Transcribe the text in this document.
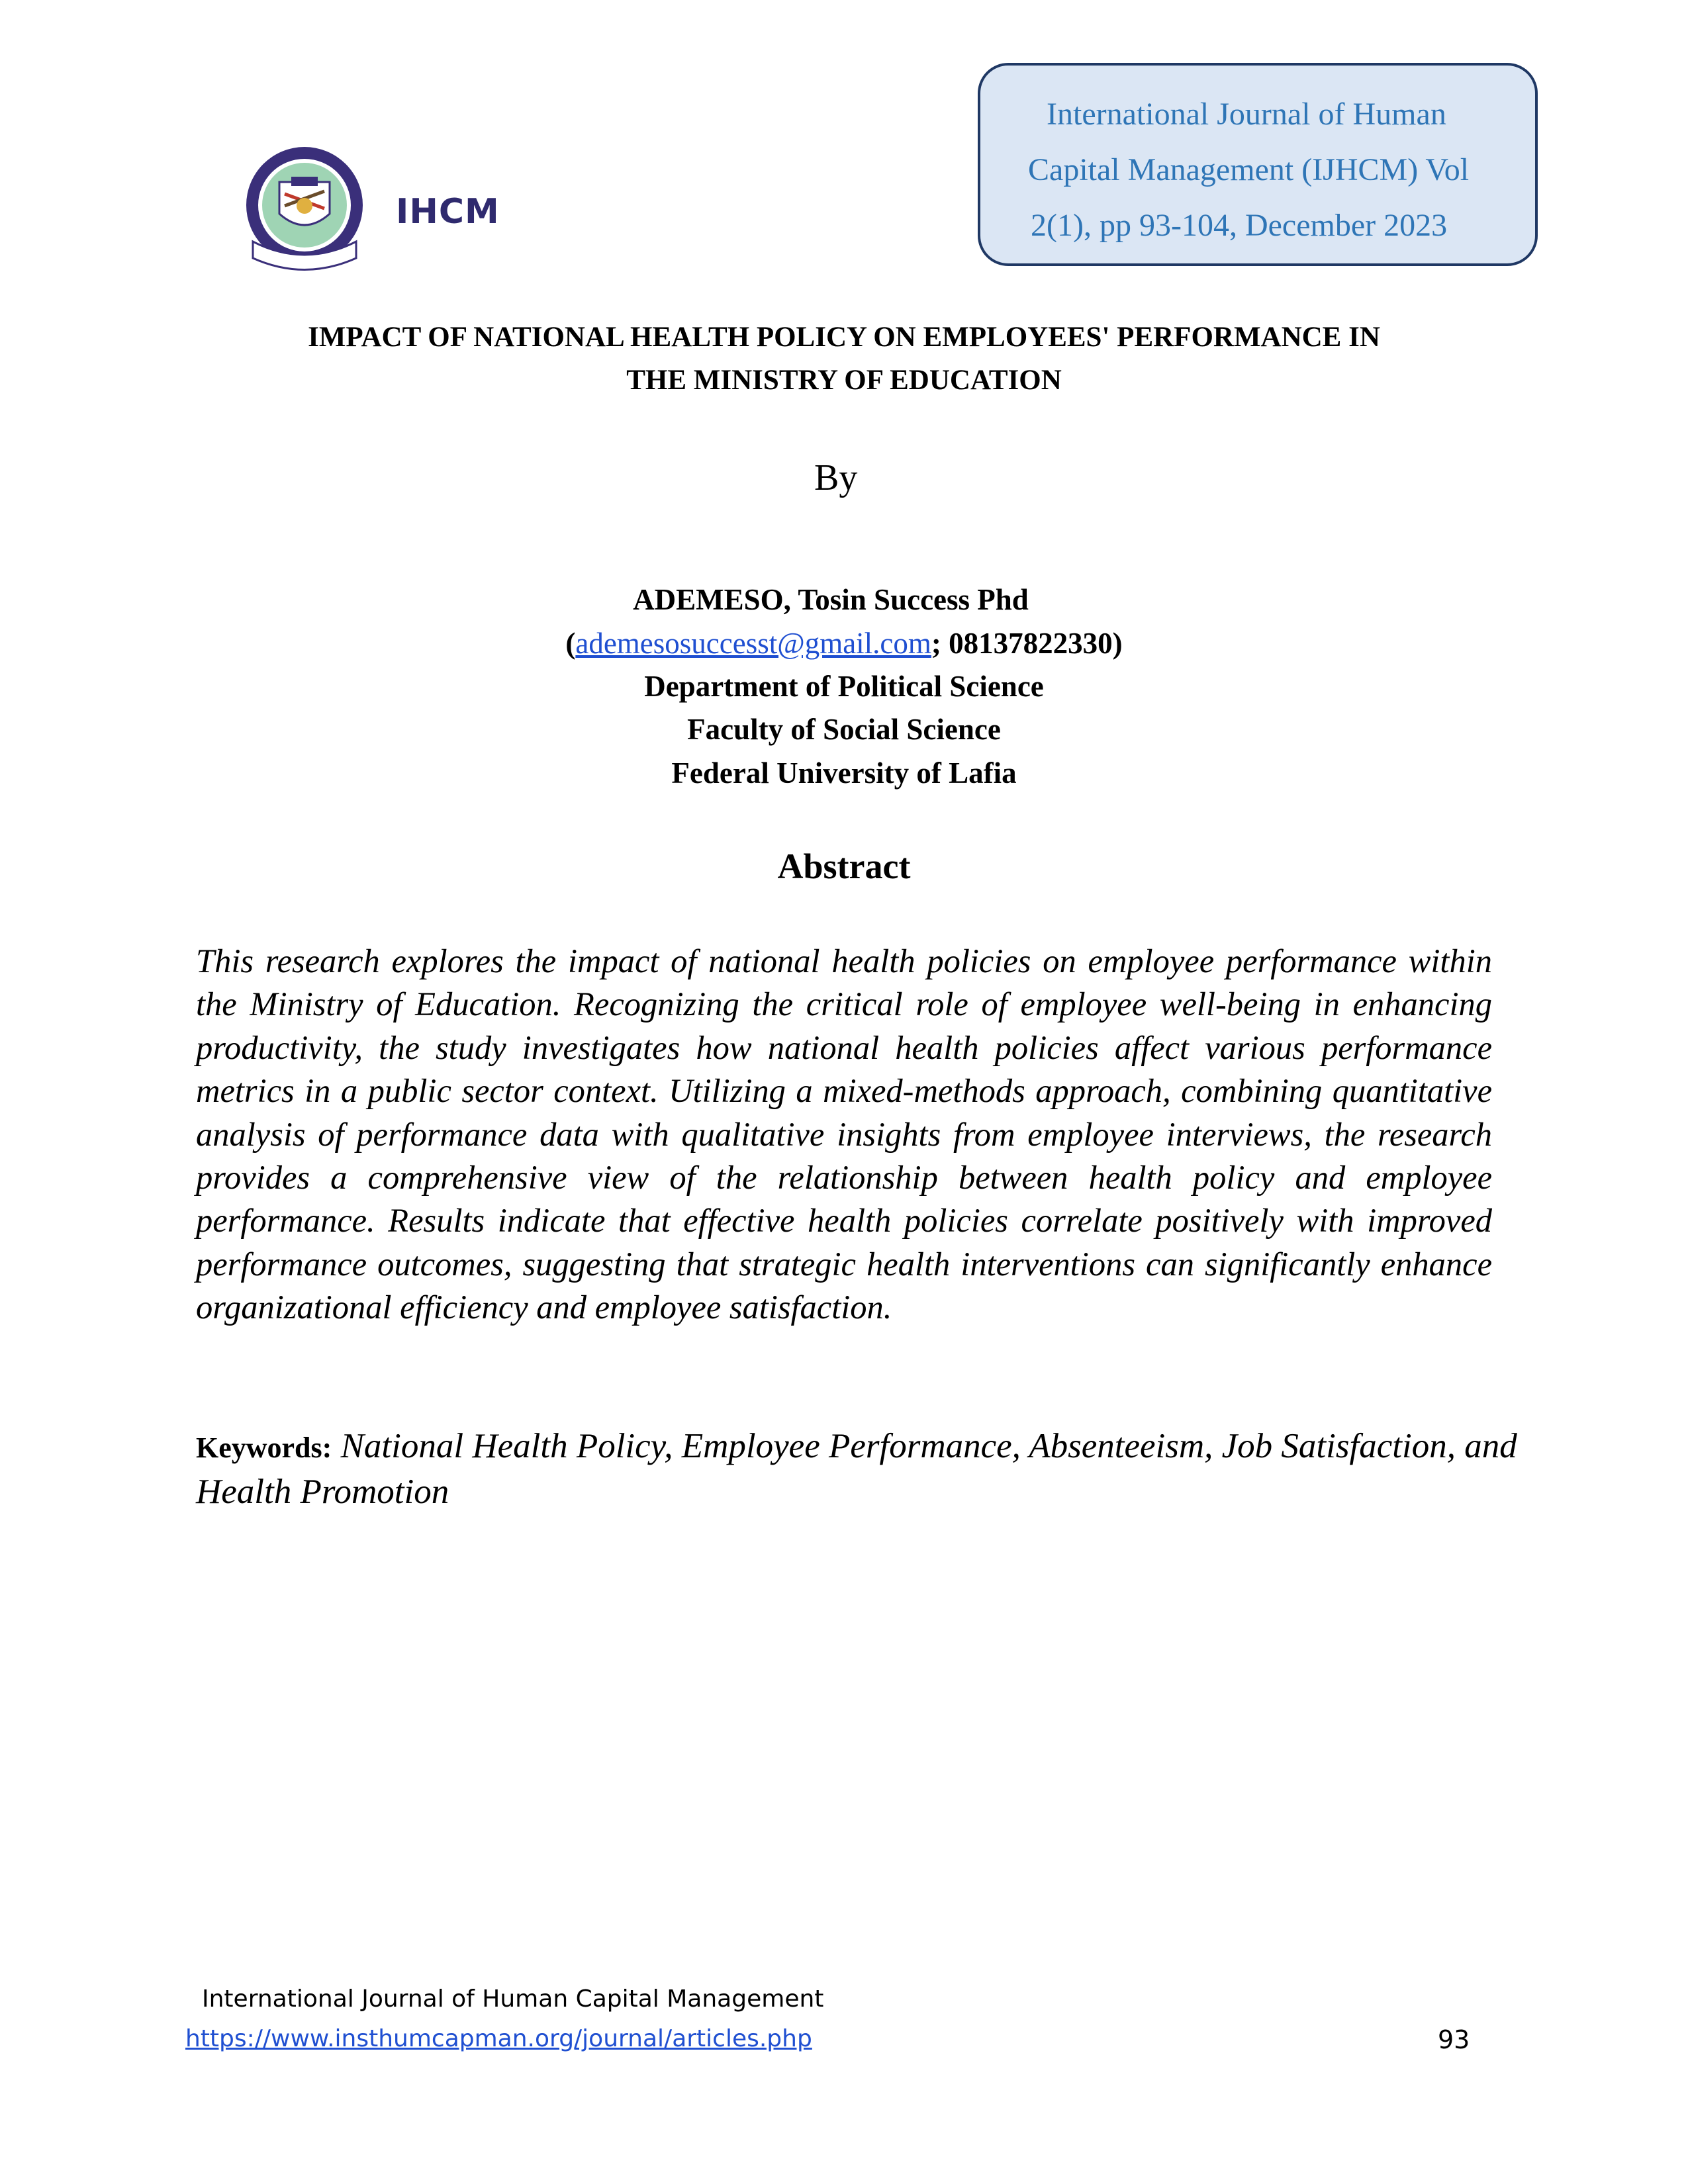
IHCM
International Journal of Human
Capital Management (IJHCM) Vol
2(1), pp 93-104, December 2023
IMPACT OF NATIONAL HEALTH POLICY ON EMPLOYEES' PERFORMANCE IN
THE MINISTRY OF EDUCATION
By
ADEMESO, Tosin Success Phd
(ademesosuccesst@gmail.com; 08137822330)
Department of Political Science
Faculty of Social Science
Federal University of Lafia
Abstract
This research explores the impact of national health policies on employee performance within the Ministry of Education. Recognizing the critical role of employee well-being in enhancing productivity, the study investigates how national health policies affect various performance metrics in a public sector context. Utilizing a mixed-methods approach, combining quantitative analysis of performance data with qualitative insights from employee interviews, the research provides a comprehensive view of the relationship between health policy and employee performance. Results indicate that effective health policies correlate positively with improved performance outcomes, suggesting that strategic health interventions can significantly enhance organizational efficiency and employee satisfaction.
Keywords: National Health Policy, Employee Performance, Absenteeism, Job Satisfaction, and Health Promotion
International Journal of Human Capital Management
https://www.insthumcapman.org/journal/articles.php	93
